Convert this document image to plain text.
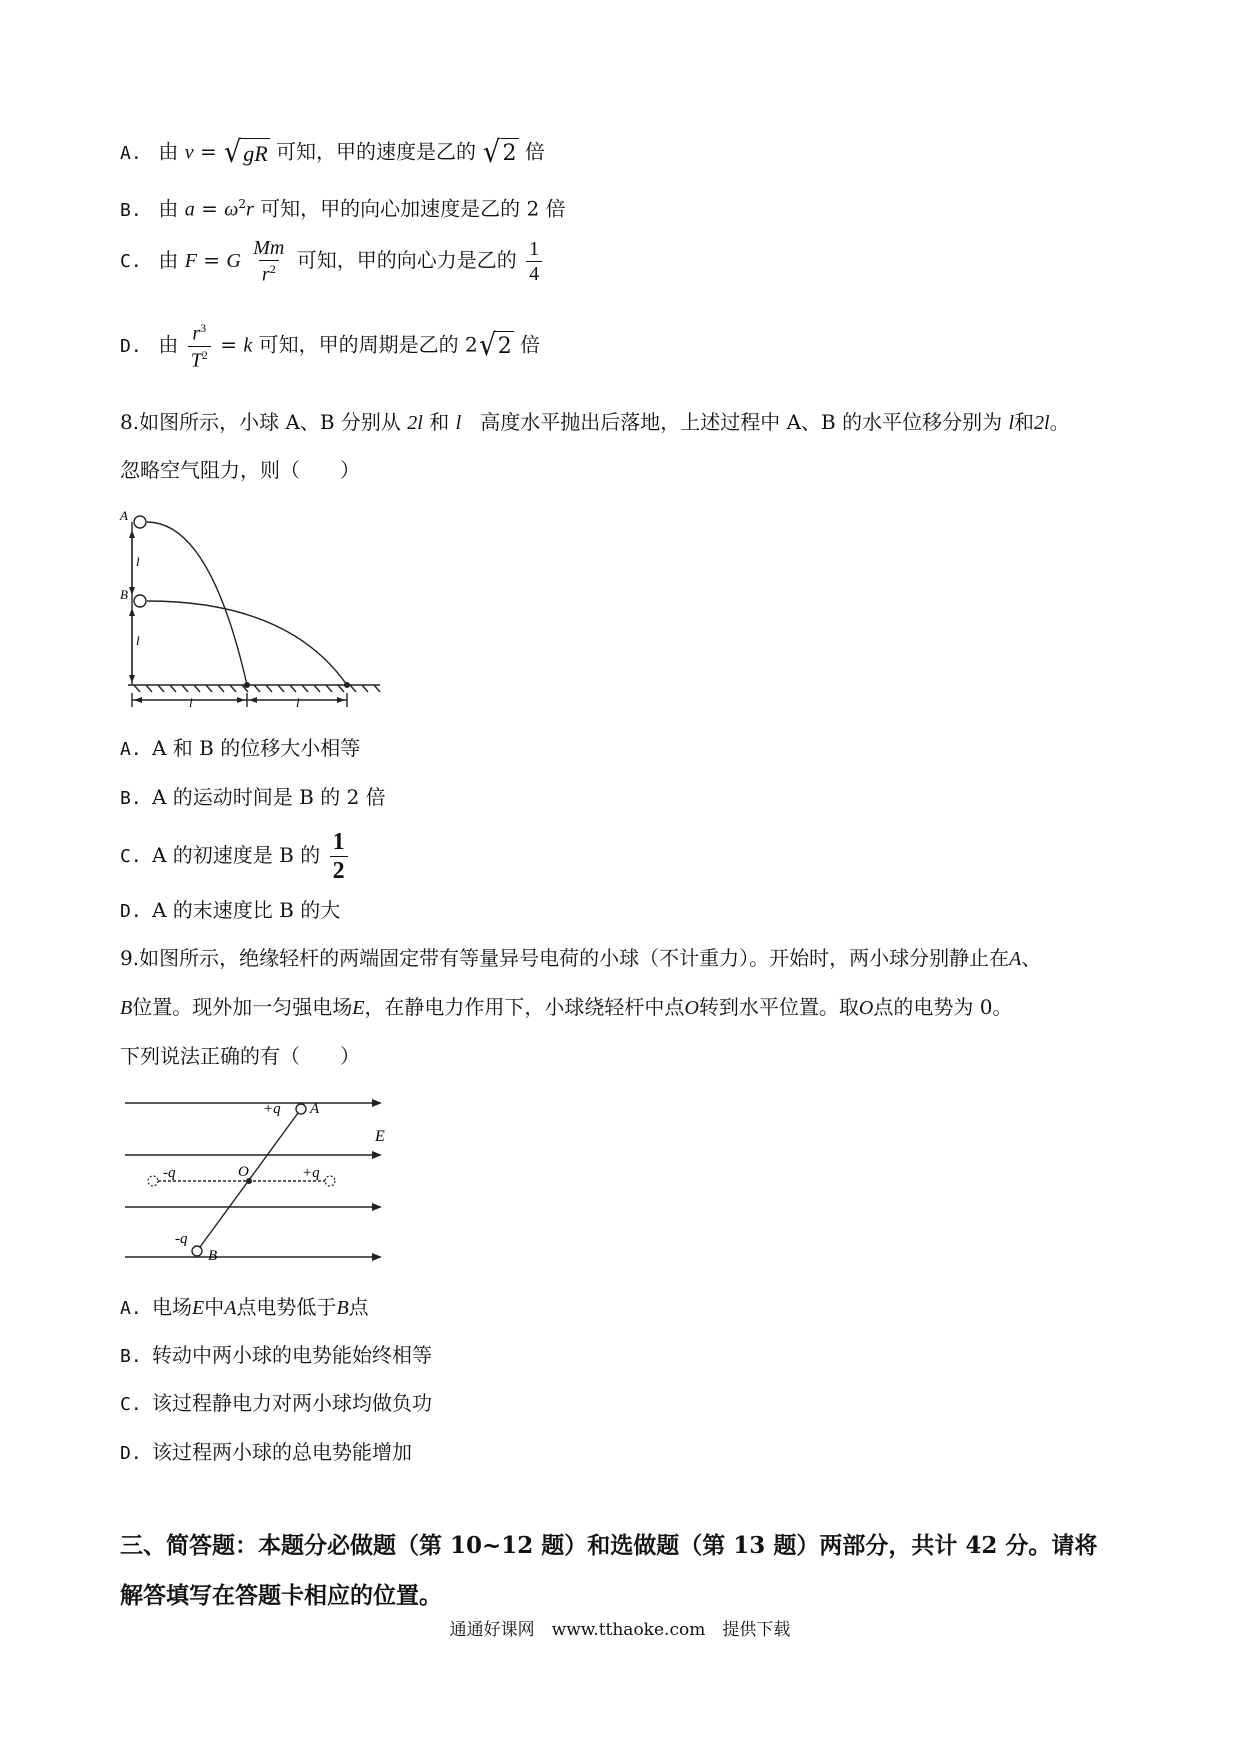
A. 由 v = √ gR 可知，甲的速度是乙的 √ 2 倍
B. 由 $a = \omega^2r$ 可知，甲的向心加速度是乙的 2 倍
C. 由 F = G $\frac{Mm}{r^2}$ 可知，甲的向心力是乙的 $\frac{1}{4}$
D. 由 $\frac{r^3}{T^2} = k$ 可知，甲的周期是乙的 2 √ 2 倍
8.如图所示，小球 A、B 分别从 2l 和 l 高度水平抛出后落地，上述过程中 A、B 的水平位移分别为 l和2l。
忽略空气阻力，则（　　）
A
B
l
l
l	l
A. A 和 B 的位移大小相等
B. A 的运动时间是 B 的 2 倍
C. A 的初速度是 B 的 $\frac{1}{2}$
D. A 的末速度比 B 的大
9.如图所示，绝缘轻杆的两端固定带有等量异号电荷的小球（不计重力）。开始时，两小球分别静止在A、
B位置。现外加一匀强电场E，在静电力作用下，小球绕轻杆中点O转到水平位置。取O点的电势为 0。
下列说法正确的有（　　）
+q A
E
-q	O	+q
-q
B
A. 电场E中A点电势低于B点
B. 转动中两小球的电势能始终相等
C. 该过程静电力对两小球均做负功
D. 该过程两小球的总电势能增加
三、简答题：本题分必做题（第 10~12 题）和选做题（第 13 题）两部分，共计 42 分。请将
解答填写在答题卡相应的位置。
通通好课网　www.tthaoke.com　提供下载
